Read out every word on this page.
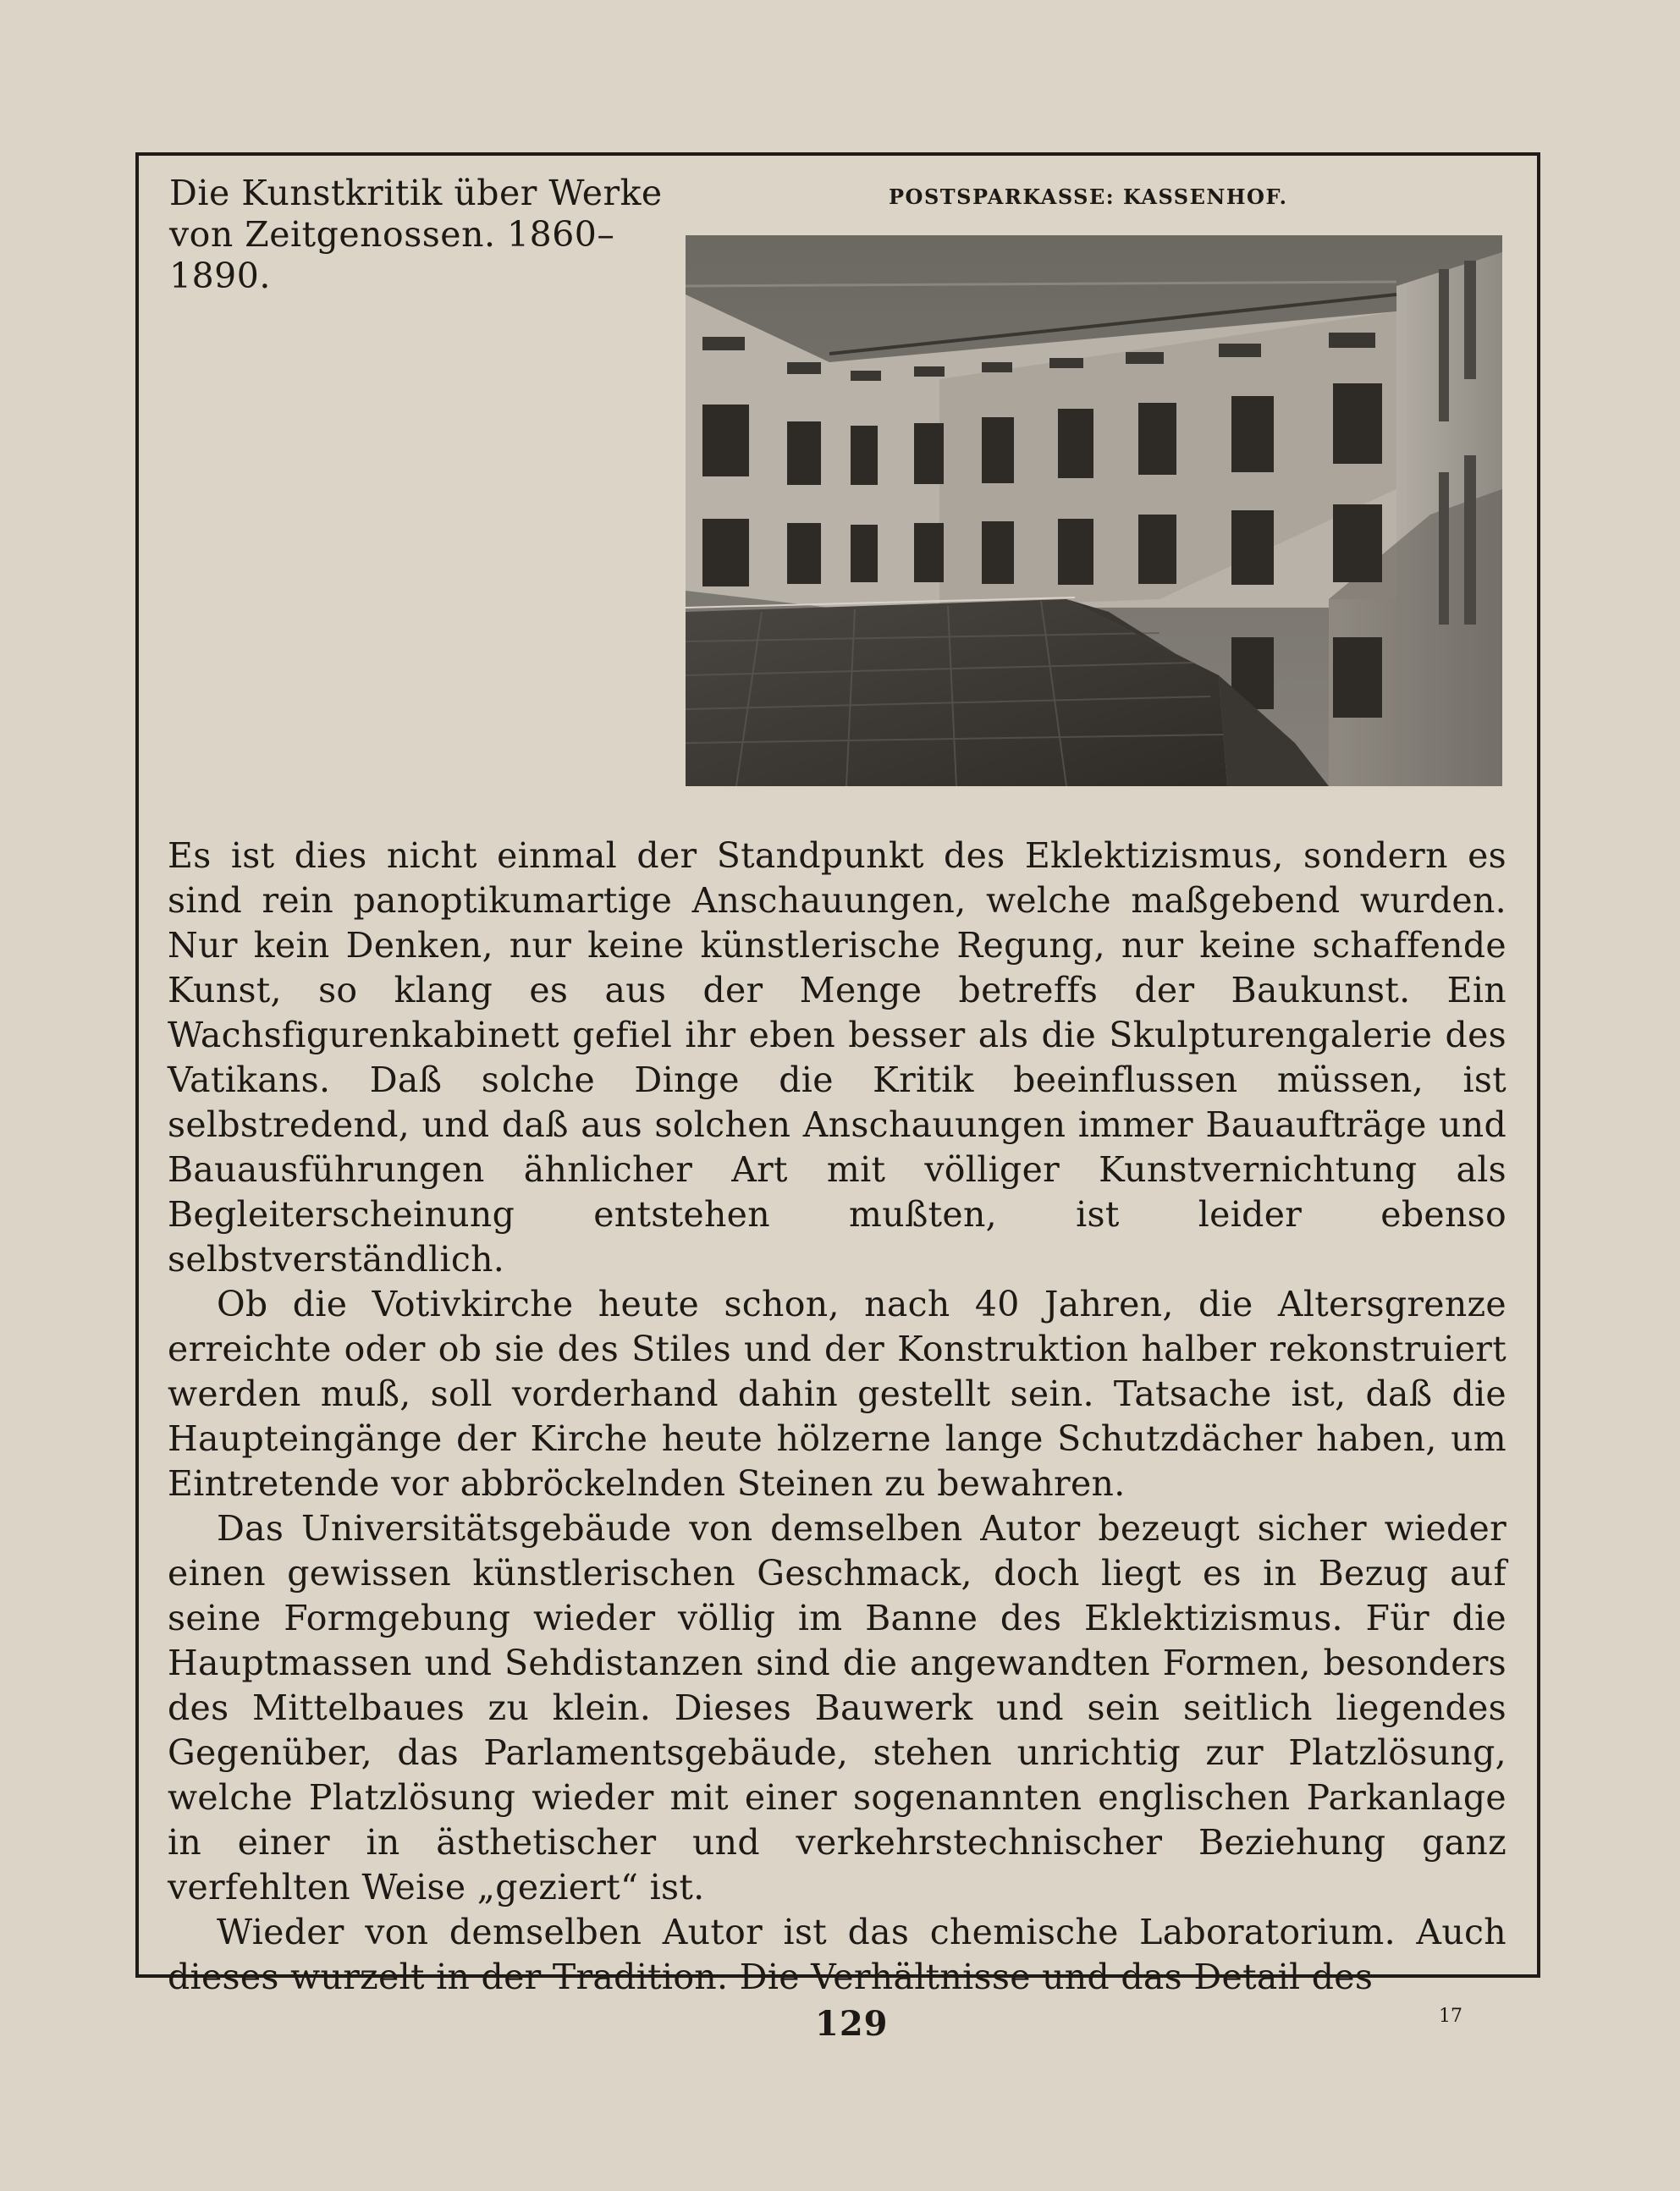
Die Kunstkritik über Werke
von Zeitgenossen. 1860–1890.
POSTSPARKASSE: KASSENHOF.

Es ist dies nicht einmal der Standpunkt des Eklektizismus, sondern es sind rein panoptikumartige Anschauungen, welche maßgebend wurden. Nur kein Denken, nur keine künstlerische Regung, nur keine schaffende Kunst, so klang es aus der Menge betreffs der Baukunst. Ein Wachsfigurenkabinett gefiel ihr eben besser als die Skulpturengalerie des Vatikans. Daß solche Dinge die Kritik beeinflussen müssen, ist selbstredend, und daß aus solchen Anschauungen immer Bauaufträge und Bauausführungen ähnlicher Art mit völliger Kunstvernichtung als Begleiterscheinung entstehen mußten, ist leider ebenso selbstverständlich.

Ob die Votivkirche heute schon, nach 40 Jahren, die Altersgrenze erreichte oder ob sie des Stiles und der Konstruktion halber rekonstruiert werden muß, soll vorderhand dahin gestellt sein. Tatsache ist, daß die Haupteingänge der Kirche heute hölzerne lange Schutzdächer haben, um Eintretende vor abbröckelnden Steinen zu bewahren.

Das Universitätsgebäude von demselben Autor bezeugt sicher wieder einen gewissen künstlerischen Geschmack, doch liegt es in Bezug auf seine Formgebung wieder völlig im Banne des Eklektizismus. Für die Hauptmassen und Sehdistanzen sind die angewandten Formen, besonders des Mittelbaues zu klein. Dieses Bauwerk und sein seitlich liegendes Gegenüber, das Parlamentsgebäude, stehen unrichtig zur Platzlösung, welche Platzlösung wieder mit einer sogenannten englischen Parkanlage in einer in ästhetischer und verkehrstechnischer Beziehung ganz verfehlten Weise „geziert“ ist.

Wieder von demselben Autor ist das chemische Laboratorium. Auch dieses wurzelt in der Tradition. Die Verhältnisse und das Detail des

129	17
